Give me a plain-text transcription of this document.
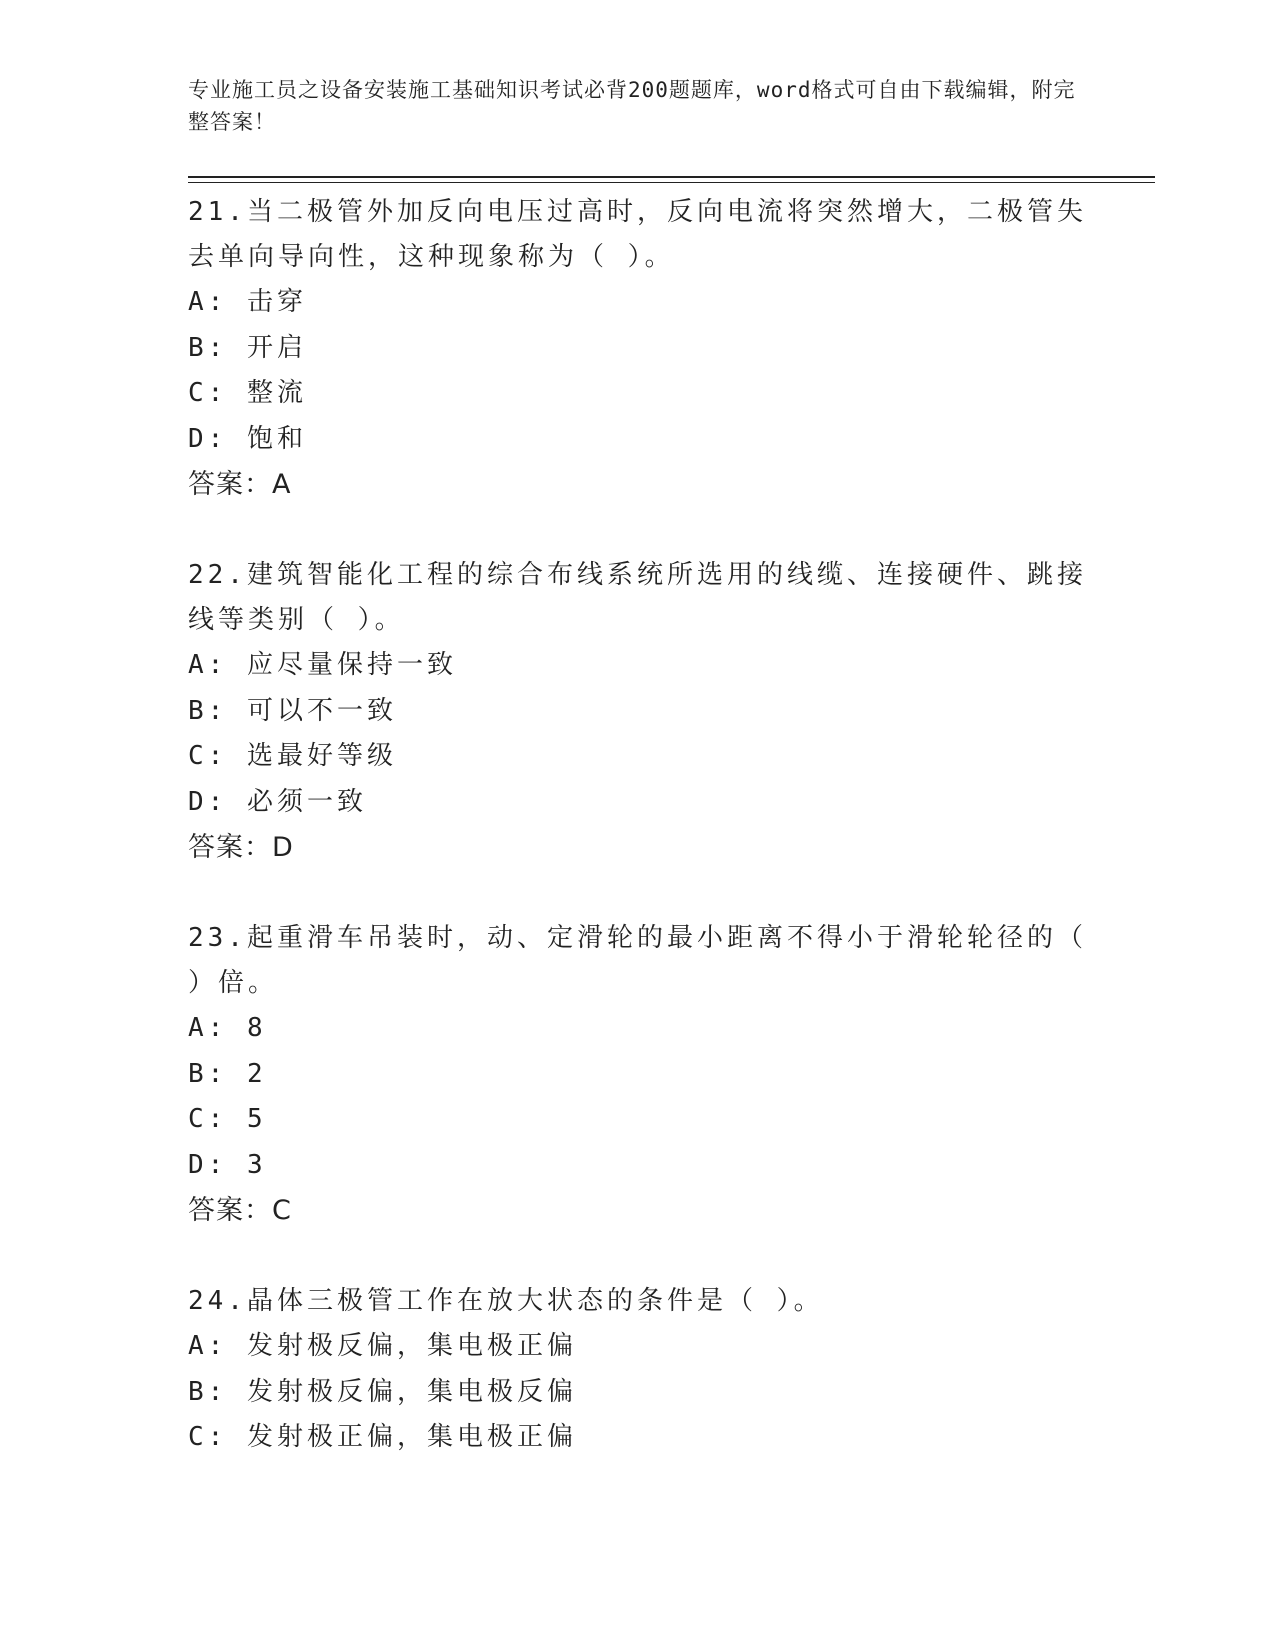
专业施工员之设备安装施工基础知识考试必背200题题库，word格式可自由下载编辑，附完整答案！
21.当二极管外加反向电压过高时，反向电流将突然增大，二极管失去单向导向性，这种现象称为（ ）。
A: 击穿
B: 开启
C: 整流
D: 饱和
答案：A
22.建筑智能化工程的综合布线系统所选用的线缆、连接硬件、跳接线等类别（ ）。
A: 应尽量保持一致
B: 可以不一致
C: 选最好等级
D: 必须一致
答案：D
23.起重滑车吊装时，动、定滑轮的最小距离不得小于滑轮轮径的（ ）倍。
A: 8
B: 2
C: 5
D: 3
答案：C
24.晶体三极管工作在放大状态的条件是（ ）。
A: 发射极反偏，集电极正偏
B: 发射极反偏，集电极反偏
C: 发射极正偏，集电极正偏
